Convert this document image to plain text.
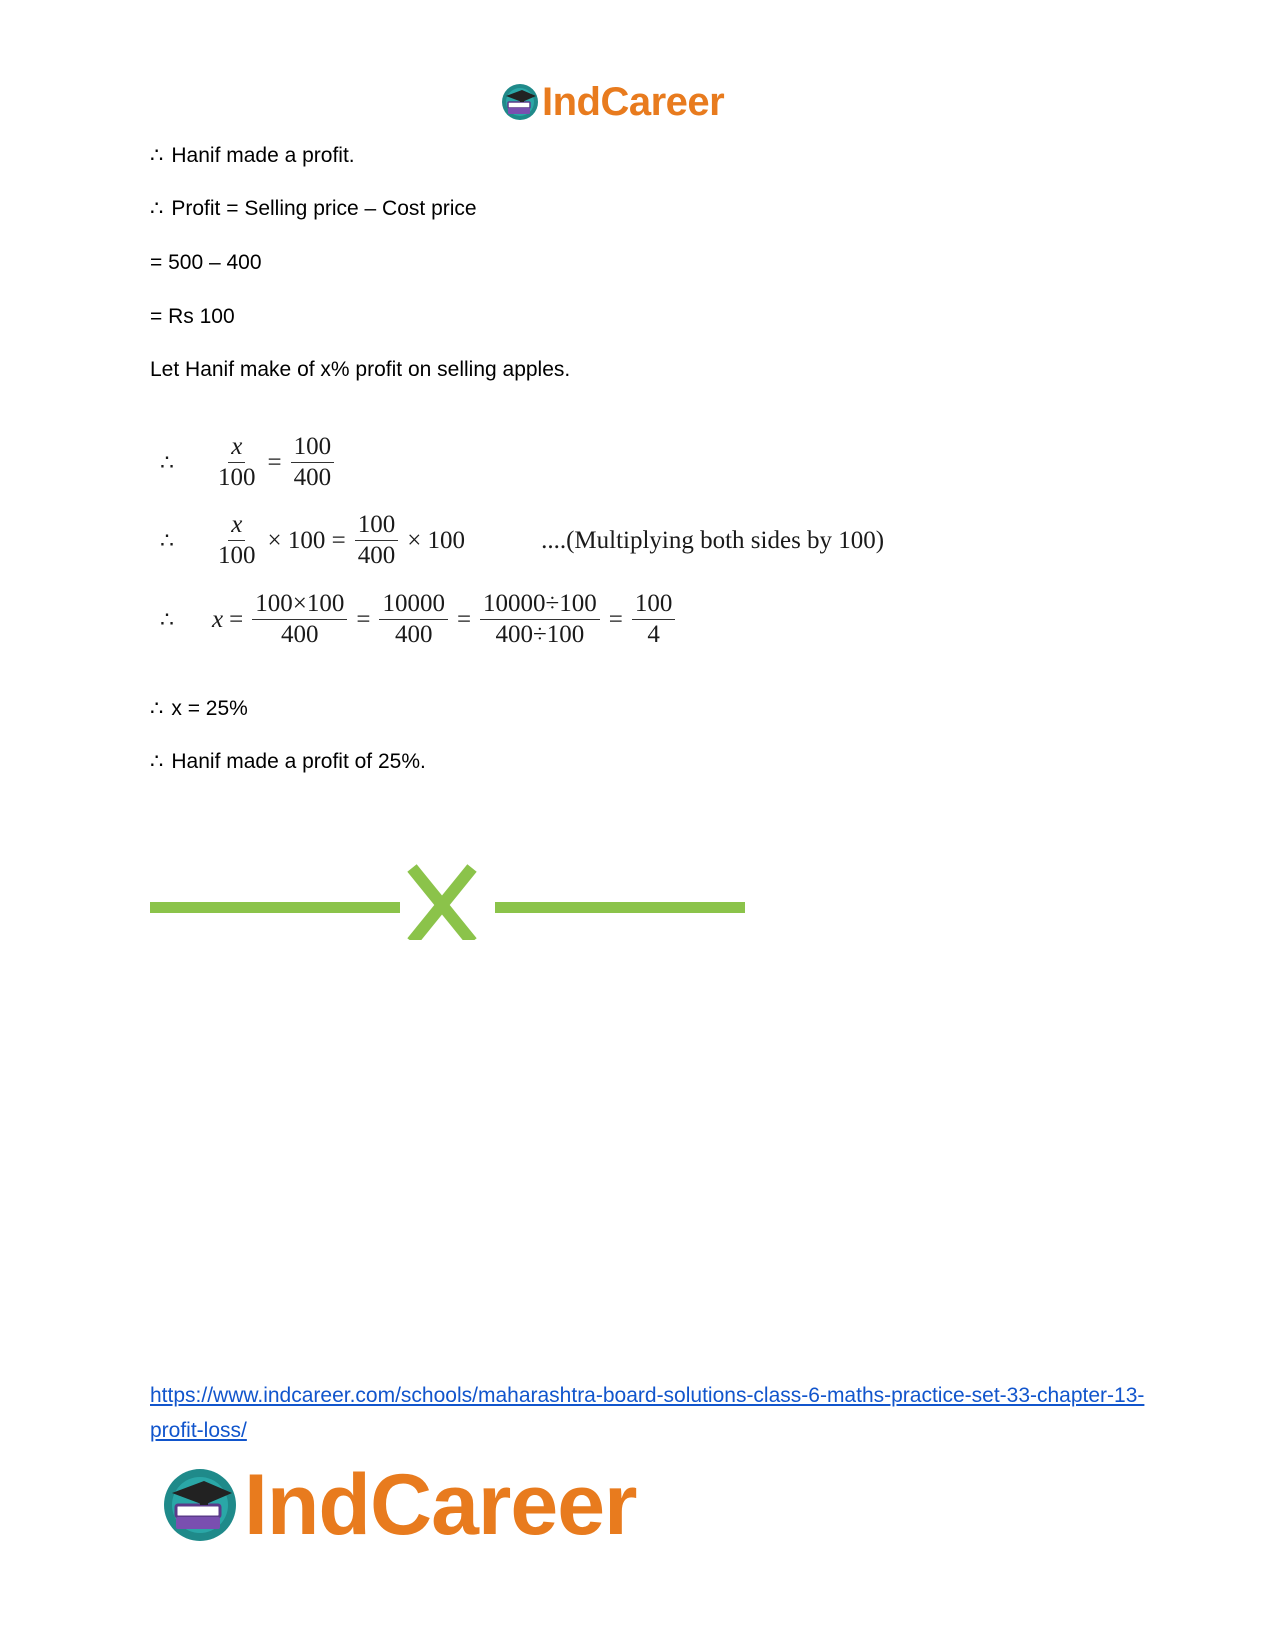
IndCareer
∴ Hanif made a profit.
∴ Profit = Selling price – Cost price
= 500 – 400
= Rs 100
Let Hanif make of x% profit on selling apples.
∴	$\frac{x}{100} = \frac{100}{400}$
∴	$\frac{x}{100} \times 100 = \frac{100}{400} \times 100$	....(Multiplying both sides by 100)
∴	$x = \frac{100\times 100}{400} = \frac{10000}{400} = \frac{10000\div 100}{400\div 100} = \frac{100}{4}$
∴ x = 25%
∴ Hanif made a profit of 25%.
https://www.indcareer.com/schools/maharashtra-board-solutions-class-6-maths-practice-set-33-chapter-13-profit-loss/
IndCareer
